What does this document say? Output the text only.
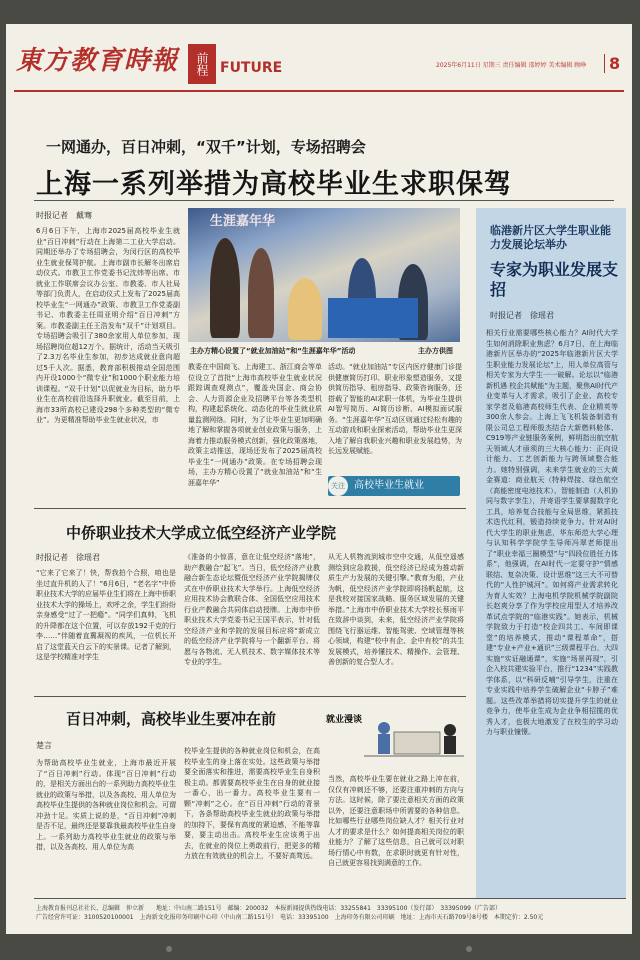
東方教育時報 前程 FUTURE	2025年6月11日 星期三 责任编辑 邵婷婷 美术编辑 顾峥	8
一网通办，百日冲刺，“双千”计划，专场招聘会
上海一系列举措为高校毕业生求职保驾
时报记者　戴骞
6月6日下午，上海市2025届高校毕业生就业“百日冲刺”行动在上海第二工业大学启动。同期还举办了专场招聘会，为闵行区的高校毕业生就业保驾护航。上海市副市长解冬出席启动仪式。市教卫工作党委书记沈炜等出席。市就业工作联席会议办公室、市教委、市人社局等部门负责人，在启动仪式上发布了2025届高校毕业生“一网通办”政策、市教卫工作党委副书记、市教委主任周亚明介绍“百日冲刺”方案。市教委副主任王浩发布“双千”计划项目。专场招聘会吸引了380余家用人单位参加，现场招聘岗位超12万个。据统计，活动当天吸引了2.3万名毕业生参加，初步达成就业意向超过5千人次。据悉，教育部积极推动全国范围内开设1000个“微专业”和1000个职业能力培训课程。“双千计划”以促就业为目标，助力毕业生在高校前沿选择升职就业。截至目前，上海市33所高校已建设298个多种类型的“微专业”。为更精准帮助毕业生就业状况，市
生涯嘉年华
主办方精心设置了“就业加油站”和“生涯嘉年华”活动	主办方供图
教委在中国商飞、上海建工、浙江商会等单位设立了首批“上海市高校毕业生就业状况跟踪调查观测点”，覆盖央国企、商会协会、人力资源企业及招聘平台等各类型机构，构建起系统化、动态化的毕业生就业质量监测网络。同时，为了让毕业生更加明确地了解和掌握各项就业创业政策与服务，上海着力推动服务模式创新，强化政策落地，政策主动推送，现场还发布了2025届高校毕业生“一网通办”政策。在专场招聘会现场，主办方精心设置了“就业加油站”和“生涯嘉年华”
活动。“就业加油站”专区内医疗健康门诊提供健康简历打印、职业形象塑造服务，又提供简历指导、租房指导、政策咨询服务，还搭载了智能的AI求职一体机，为毕业生提供AI智写简历、AI简历诊断、AI模拟面试服务。“生涯嘉年华”互动区则通过轻松有趣的互动游戏和职业探索活动，帮助毕业生更深入地了解自我职业兴趣和职业发展趋势，为长远发展赋能。
关注 高校毕业生就业
临港新片区大学生职业能力发展论坛举办
专家为职业发展支招
时报记者　徐瑶君
相关行业需要哪些核心能力？AI时代大学生如何消除职业焦虑？6月7日，在上海临港新片区举办的“2025年临港新片区大学生职业能力发展论坛”上，用人单位高管与相关专家为大学生一一破解。论坛以“临港新机遇 校企共赋能”为主题，聚焦AI时代产业变革与人才需求，吸引了企业、高校专家学者及临港高校师生代表、企业精英等300余人参会。上海上飞飞机装备制造有限公司总工程师殷杰结合大新燃料舱体、C919等产业链服务案例，鲜明指出航空航天领域人才亟须的三大核心能力：正向设计能力、工艺创新能力与跨领域整合能力。她特别强调，未来学生就业的三大黄金赛道：商业航天（特种焊接、绿色航空（高能密度电池技术）、智能制造（人机协同与数字孪生），并寄语学生要掌握数字化工具，培养复合技能与全局思维，紧抓技术迭代红利，锻造持续竞争力。针对AI时代大学生的职业焦虑，华东师范大学心理与认知科学学院学生导师冯翠老师提出了“职业幸福三圈模型”与“四段位胜任力体系”，他强调，在AI时代一定要守护“情感联结、复杂决策、设计思维”这三大不可替代的“人性护城河”。如何将产业需求转化为育人实效？上海电机学院机械学院副院长赵爽分享了作为学校应用型人才培养改革试点学院的“临港实践”。她表示，机械学院致力于打造“校企四共工、车间即课堂”的培养模式，推动“课程革命”，搭建“专业+产业+通识”三级课程平台，大四实施“实证融通课”，实施“场景再现”，引企入校共建实验平台，推行“1234”实践教学体系，以“科研反哺”引导学生，注重在专业实践中培养学生破解企业“卡脖子”难题。这些改革举措将切实提升学生的就业竞争力，使毕业生成为企业争相招揽的优秀人才，也极大地激发了在校生的学习动力与职业憧憬。
中侨职业技术大学成立低空经济产业学院
时报记者　徐瑶君
“它来了它来了！快，帮我拍个合照，咱也是坐过直升机的人了！”6月6日，“老名字”中侨职业技术大学的应届毕业生们将在上海中侨职业技术大学的操场上，欢呼之余，学生们纷纷亲身感受“过了一把瘾”。“同学们真帅，飞机的升降都在这个位置，可以存放192千克的行李……”伴随着直冀凝视的疾风，一位机长开启了这堂蓝天白云下的实景课。记者了解到，这是学校精准对学生
《准备的小惊喜，意在让低空经济“落地”，助产教融合“起飞”。当日，低空经济产业教融合新生态论坛暨低空经济产业学院揭牌仪式在中侨职业技术大学举行。上海低空经济应用技术协会教联合体、全国低空应用技术行业产教融合共同体启动授牌。上海市中侨职业技术大学党委书记王国平表示，针对低空经济产业和学院的发展目标应将“新成立的低空经济产业学院将与一个翻新平台、将愿与各物流、无人机技术、数字媒体技术等专业的学生。
从无人机物流到城市空中交通，从低空遥感测绘到应急救援，低空经济已经成为推动新质生产力发展的关键引擎。”教育为船，产业为帆，低空经济产业学院即将扬帆起航，这是我校对接国家战略、服务区域发展的关键举措。”上海市中侨职业技术大学校长蔡雨平在致辞中谈到，未来，低空经济产业学院将围绕飞行器运维、智能驾驶、空域管理等核心领域，构建“校中有企、企中有校”的共生发展模式，培养懂技术、精操作、会管理、善创新的复合型人才。
百日冲刺，高校毕业生要冲在前	就业漫谈
楚言
为帮助高校毕业生就业，上海市最近开展了“百日冲刺”行动。体现“百日冲刺”行动的，是相关方面出台的一系列助力高校毕业生就业的政策与举措，以及各高校、用人单位为高校毕业生提供的各种就业岗位和机会。可谓冲劲十足。实质上说的是，“百日冲刺”冲刺是否不足，最终还是要靠我最高校毕业生自身上。一系列助力高校毕业生就业的政策与举措，以及各高校、用人单位为高
校毕业生提供的各种就业岗位和机会，在高校毕业生的身上落在实处。这些政策与举措要全面落实和推进，需要高校毕业生自身积极主动。都需要高校毕业生在自身的就业接一番心，出一番力。高校毕业生要有一颗“冲刺”之心。在“百日冲刺”行动的背景下，各条帮助高校毕业生就业的政策与举措的加持下，要保有高度的紧迫感，不能等靠要，要主动出击。高校毕业生应该勇于出去，在就业的岗位上勇敢前行，把更多的精力放在有效就业的机会上，不要好高骛远。
当然，高校毕业生要在就业之路上冲在前，仅仅有冲刺还不够，还要注重冲刺的方向与方法。这时候，除了要注意相关方面的政策以外，还要注意职场中所需要的各种信息。比如哪些行业哪些岗位缺人才？相关行业对人才的要求是什么？如何提高相关岗位的职业能力？了解了这些信息，自己就可以对职场行情心中有数，在求职时就更有针对性，自己就更容易找到满意的工作。
上海教育报刊总社社长、总编辑　仲立新　　地址：中山南二路151号　邮编：200032　本报新闻提供热线电话：33255841　33395100（发行部）　33395099（广告部）
广告经营许可证：3100520100001　上海新文化报印务印刷中心印（中山南二路151号）　电话：33395100　上海印务有限公司印刷　地址：上海市天石路709号8号楼　本期定价：2.50元
